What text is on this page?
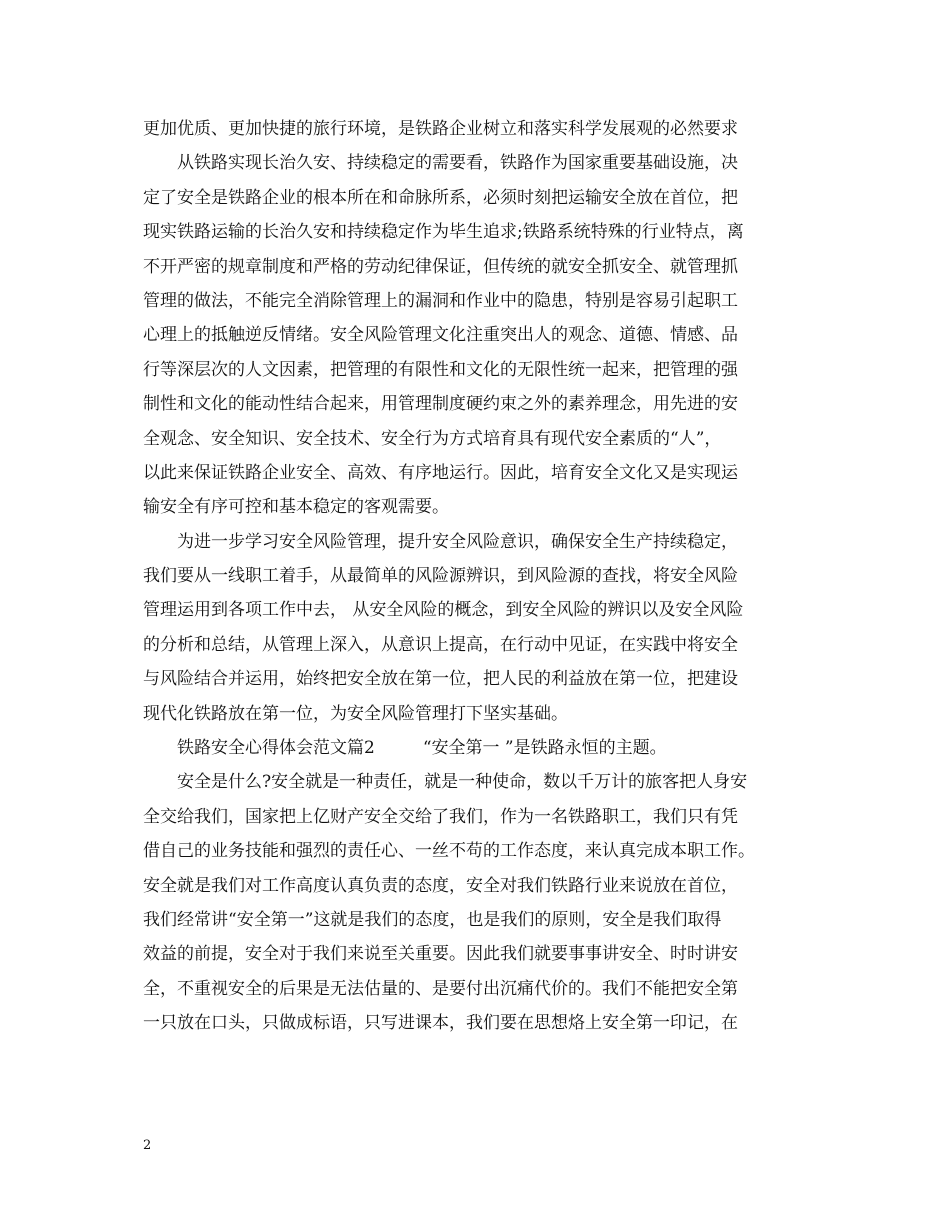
更加优质、更加快捷的旅行环境，是铁路企业树立和落实科学发展观的必然要求
从铁路实现长治久安、持续稳定的需要看，铁路作为国家重要基础设施，决
定了安全是铁路企业的根本所在和命脉所系，必须时刻把运输安全放在首位，把
现实铁路运输的长治久安和持续稳定作为毕生追求;铁路系统特殊的行业特点，离
不开严密的规章制度和严格的劳动纪律保证，但传统的就安全抓安全、就管理抓
管理的做法，不能完全消除管理上的漏洞和作业中的隐患，特别是容易引起职工
心理上的抵触逆反情绪。安全风险管理文化注重突出人的观念、道德、情感、品
行等深层次的人文因素，把管理的有限性和文化的无限性统一起来，把管理的强
制性和文化的能动性结合起来，用管理制度硬约束之外的素养理念，用先进的安
全观念、安全知识、安全技术、安全行为方式培育具有现代安全素质的“人”，
以此来保证铁路企业安全、高效、有序地运行。因此，培育安全文化又是实现运
输安全有序可控和基本稳定的客观需要。
为进一步学习安全风险管理，提升安全风险意识，确保安全生产持续稳定，
我们要从一线职工着手，从最简单的风险源辨识，到风险源的查找，将安全风险
管理运用到各项工作中去， 从安全风险的概念，到安全风险的辨识以及安全风险
的分析和总结，从管理上深入，从意识上提高，在行动中见证，在实践中将安全
与风险结合并运用，始终把安全放在第一位，把人民的利益放在第一位，把建设
现代化铁路放在第一位，为安全风险管理打下坚实基础。
铁路安全心得体会范文篇2	“安全第一 ”是铁路永恒的主题。
安全是什么?安全就是一种责任，就是一种使命，数以千万计的旅客把人身安
全交给我们，国家把上亿财产安全交给了我们，作为一名铁路职工，我们只有凭
借自己的业务技能和强烈的责任心、一丝不苟的工作态度，来认真完成本职工作。
安全就是我们对工作高度认真负责的态度，安全对我们铁路行业来说放在首位，
我们经常讲“安全第一”这就是我们的态度，也是我们的原则，安全是我们取得
效益的前提，安全对于我们来说至关重要。因此我们就要事事讲安全、时时讲安
全，不重视安全的后果是无法估量的、是要付出沉痛代价的。我们不能把安全第
一只放在口头，只做成标语，只写进课本，我们要在思想烙上安全第一印记，在
2
